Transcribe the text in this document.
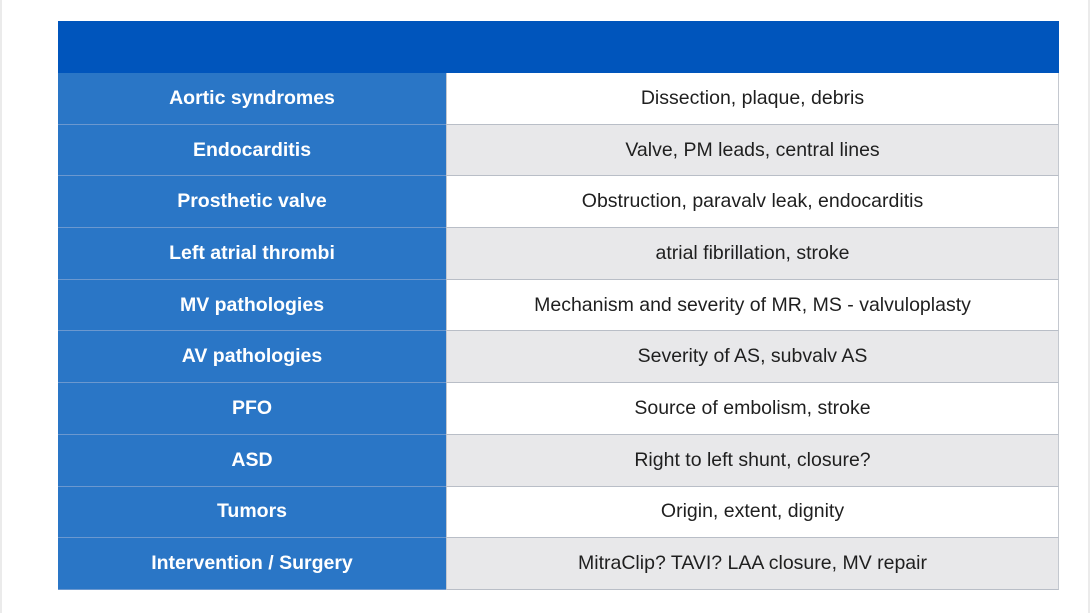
Aortic syndromes	Dissection, plaque, debris
Endocarditis	Valve, PM leads, central lines
Prosthetic valve	Obstruction, paravalv leak, endocarditis
Left atrial thrombi	atrial fibrillation, stroke
MV pathologies	Mechanism and severity of MR, MS - valvuloplasty
AV pathologies	Severity of AS, subvalv AS
PFO	Source of embolism, stroke
ASD	Right to left shunt, closure?
Tumors	Origin, extent, dignity
Intervention / Surgery	MitraClip? TAVI? LAA closure, MV repair
